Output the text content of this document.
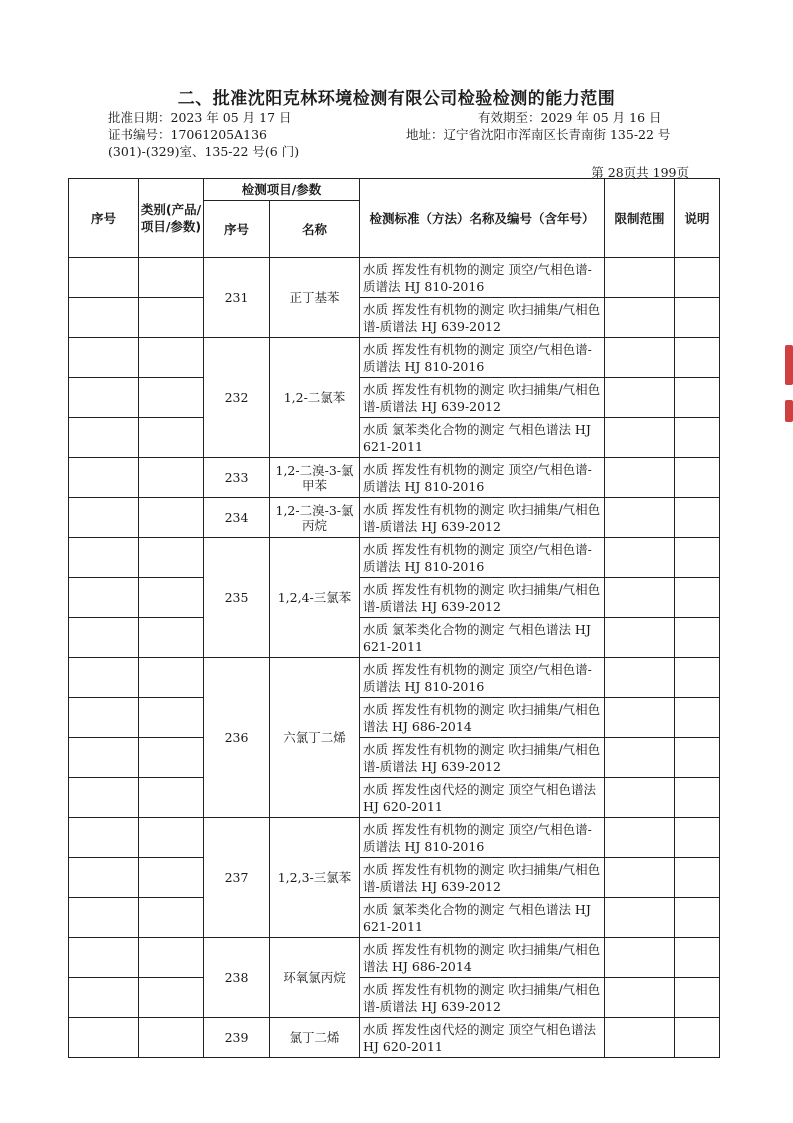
二、批准沈阳克林环境检测有限公司检验检测的能力范围
批准日期：2023 年 05 月 17 日	有效期至：2029 年 05 月 16 日
证书编号：17061205A136	地址：辽宁省沈阳市浑南区长青南街 135-22 号
(301)-(329)室、135-22 号(6 门)
第 28页共 199页
序号	类别(产品/项目/参数)	检测项目/参数		检测标准（方法）名称及编号（含年号）	限制范围	说明
		序号	名称			
		231	正丁基苯	水质 挥发性有机物的测定 顶空/气相色谱-质谱法 HJ 810-2016		
				水质 挥发性有机物的测定 吹扫捕集/气相色谱-质谱法 HJ 639-2012		
		232	1,2-二氯苯	水质 挥发性有机物的测定 顶空/气相色谱-质谱法 HJ 810-2016		
				水质 挥发性有机物的测定 吹扫捕集/气相色谱-质谱法 HJ 639-2012		
				水质 氯苯类化合物的测定 气相色谱法 HJ 621-2011		
		233	1,2-二溴-3-氯甲苯	水质 挥发性有机物的测定 顶空/气相色谱-质谱法 HJ 810-2016		
		234	1,2-二溴-3-氯丙烷	水质 挥发性有机物的测定 吹扫捕集/气相色谱-质谱法 HJ 639-2012		
		235	1,2,4-三氯苯	水质 挥发性有机物的测定 顶空/气相色谱-质谱法 HJ 810-2016		
				水质 挥发性有机物的测定 吹扫捕集/气相色谱-质谱法 HJ 639-2012		
				水质 氯苯类化合物的测定 气相色谱法 HJ 621-2011		
		236	六氯丁二烯	水质 挥发性有机物的测定 顶空/气相色谱-质谱法 HJ 810-2016		
				水质 挥发性有机物的测定 吹扫捕集/气相色谱法 HJ 686-2014		
				水质 挥发性有机物的测定 吹扫捕集/气相色谱-质谱法 HJ 639-2012		
				水质 挥发性卤代烃的测定 顶空气相色谱法 HJ 620-2011		
		237	1,2,3-三氯苯	水质 挥发性有机物的测定 顶空/气相色谱-质谱法 HJ 810-2016		
				水质 挥发性有机物的测定 吹扫捕集/气相色谱-质谱法 HJ 639-2012		
				水质 氯苯类化合物的测定 气相色谱法 HJ 621-2011		
		238	环氧氯丙烷	水质 挥发性有机物的测定 吹扫捕集/气相色谱法 HJ 686-2014		
				水质 挥发性有机物的测定 吹扫捕集/气相色谱-质谱法 HJ 639-2012		
		239	氯丁二烯	水质 挥发性卤代烃的测定 顶空气相色谱法 HJ 620-2011		
